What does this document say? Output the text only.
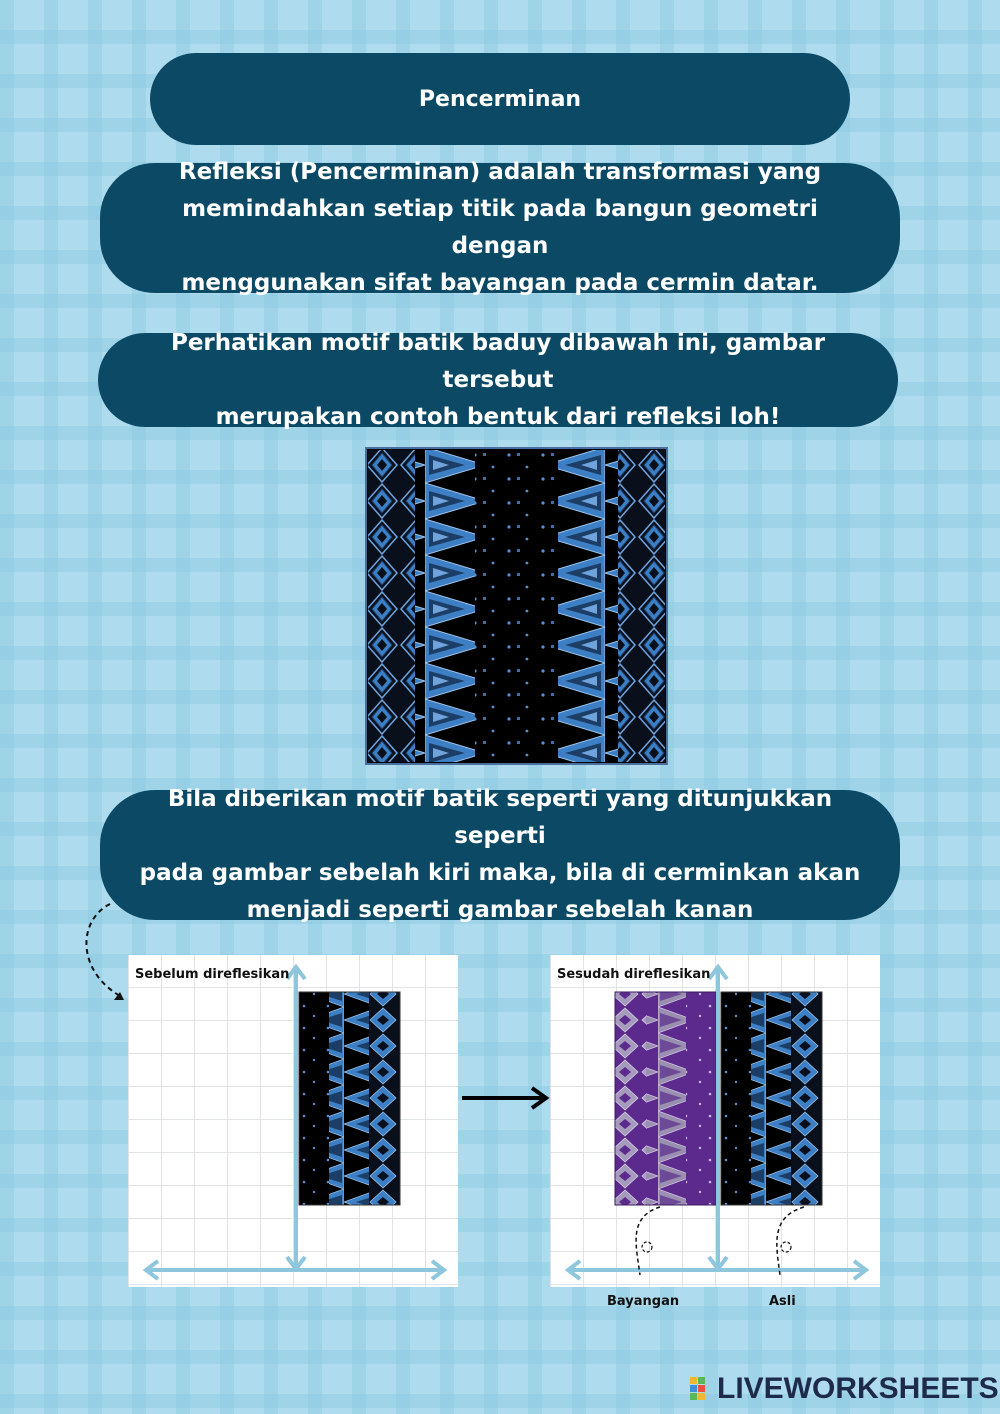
Pencerminan
Refleksi (Pencerminan) adalah transformasi yang
memindahkan setiap titik pada bangun geometri dengan
menggunakan sifat bayangan pada cermin datar.
Perhatikan motif batik baduy dibawah ini, gambar tersebut
merupakan contoh bentuk dari refleksi loh!
Bila diberikan motif batik seperti yang ditunjukkan seperti
pada gambar sebelah kiri maka, bila di cerminkan akan
menjadi seperti gambar sebelah kanan
Sebelum direflesikan	Sesudah direflesikan
Bayangan	Asli
LIVEWORKSHEETS
